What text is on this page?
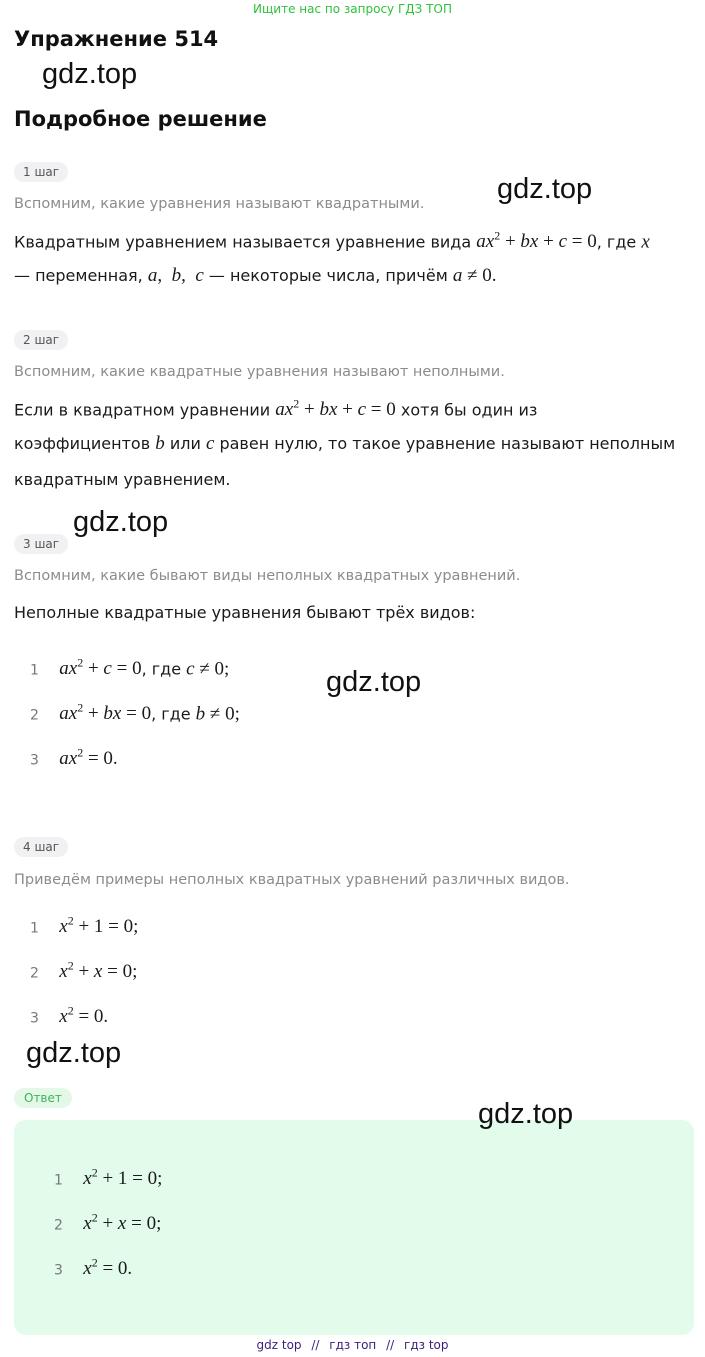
Ищите нас по запросу ГДЗ ТОП
Упражнение 514
gdz.top
Подробное решение
1 шаг
gdz.top
Вспомним, какие уравнения называют квадратными.
Квадратным уравнением называется уравнение вида $ax^2$ + bx + c = 0, где x
— переменная, a,  b,  c — некоторые числа, причём a ≠ 0.
2 шаг
Вспомним, какие квадратные уравнения называют неполными.
Если в квадратном уравнении $ax^2$ + bx + c = 0 хотя бы один из
коэффициентов b или c равен нулю, то такое уравнение называют неполным
квадратным уравнением.
gdz.top
3 шаг
Вспомним, какие бывают виды неполных квадратных уравнений.
Неполные квадратные уравнения бывают трёх видов:
1 $ax^2 + c = 0$, где c ≠ 0;	gdz.top
2 $ax^2$ + bx = 0, где b ≠ 0;
3 $ax^2 = 0$.
4 шаг
Приведём примеры неполных квадратных уравнений различных видов.
1 $x^2 + 1 = 0$;
2 $x^2 + x = 0$;
3 $x^2 = 0$.
gdz.top
Ответ	gdz.top
1 $x^2 + 1 = 0$;
2 $x^2 + x = 0$;
3 $x^2 = 0$.
gdz top // гдз топ // гдз top
